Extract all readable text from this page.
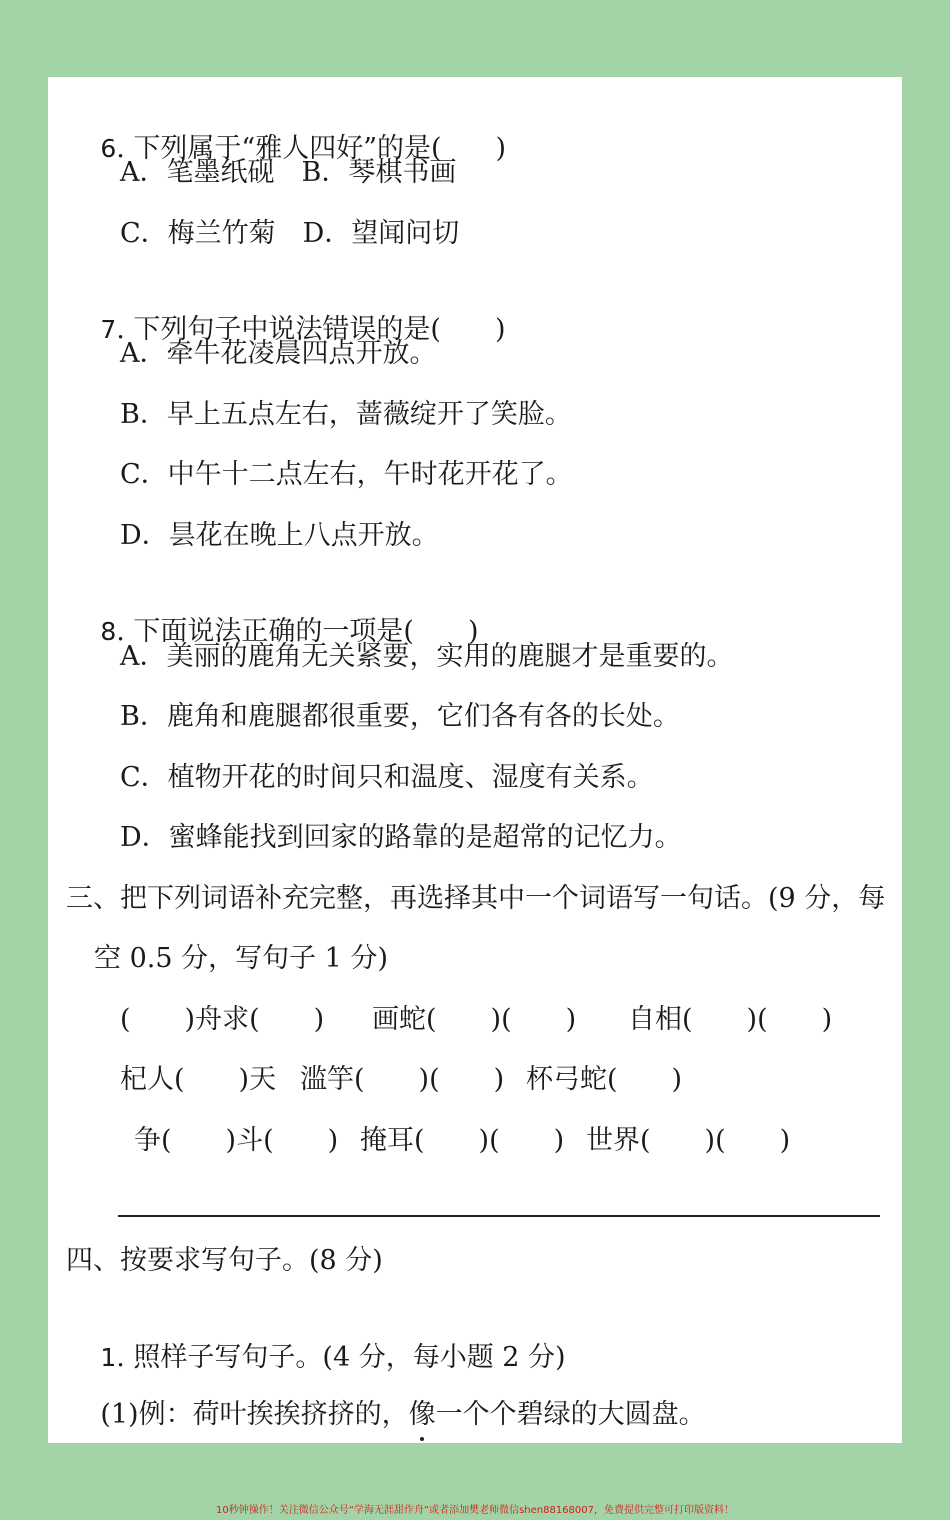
6. 下列属于“雅人四好”的是(　　)

A．笔墨纸砚　B．琴棋书画
C．梅兰竹菊　D．望闻问切

7. 下列句子中说法错误的是(　　)

A．牵牛花凌晨四点开放。
B．早上五点左右，蔷薇绽开了笑脸。
C．中午十二点左右，午时花开花了。
D．昙花在晚上八点开放。

8. 下面说法正确的一项是(　　)

A．美丽的鹿角无关紧要，实用的鹿腿才是重要的。
B．鹿角和鹿腿都很重要，它们各有各的长处。
C．植物开花的时间只和温度、湿度有关系。
D．蜜蜂能找到回家的路靠的是超常的记忆力。
三、把下列词语补充完整，再选择其中一个词语写一句话。(9 分，每
空 0.5 分，写句子 1 分)
(　　)舟求(　　) 画蛇(　　)(　　) 自相(　　)(　　)
杞人(　　)天 滥竽(　　)(　　) 杯弓蛇(　　)
争(　　)斗(　　) 掩耳(　　)(　　) 世界(　　)(　　)
四、按要求写句子。(8 分)

1. 照样子写句子。(4 分，每小题 2 分)

(1)例：荷叶挨挨挤挤的，像一个个碧绿的大圆盘。

10秒钟操作！关注微信公众号“学海无涯甜作舟”或者添加樊老师微信shen88168007，免费提供完整可打印版资料！
